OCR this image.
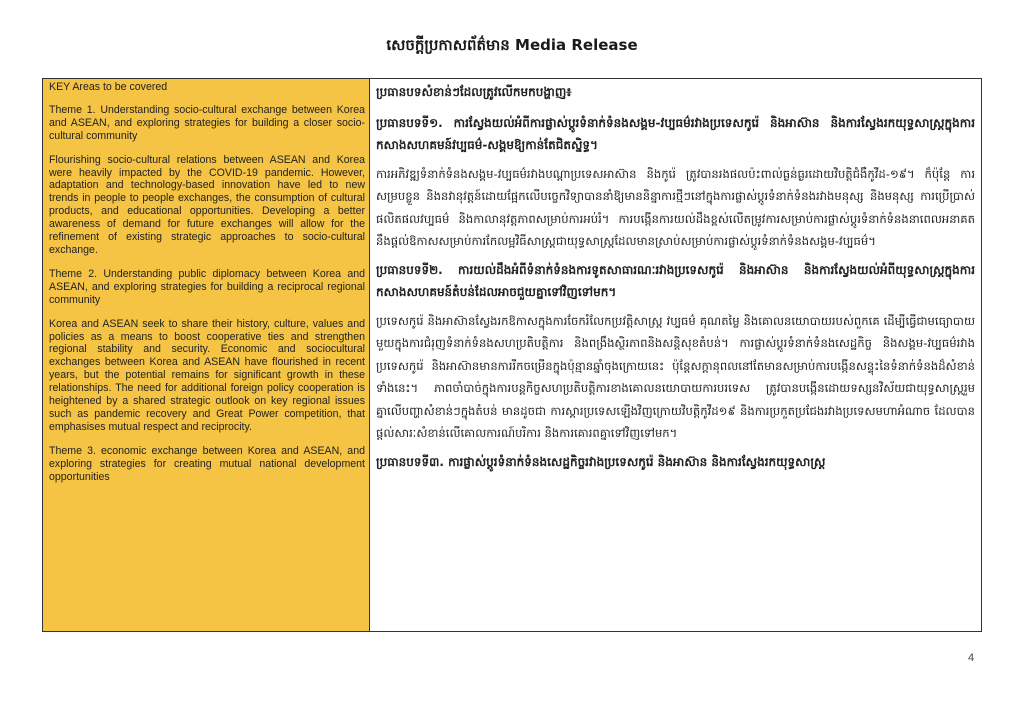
សេចក្តីប្រកាសព័ត៌មាន Media Release

KEY Areas to be covered

Theme 1. Understanding socio-cultural exchange between Korea and ASEAN, and exploring strategies for building a closer socio-cultural community

Flourishing socio-cultural relations between ASEAN and Korea were heavily impacted by the COVID-19 pandemic. However, adaptation and technology-based innovation have led to new trends in people to people exchanges, the consumption of cultural products, and educational opportunities. Developing a better awareness of demand for future exchanges will allow for the refinement of existing strategic approaches to socio-cultural exchange.

Theme 2. Understanding public diplomacy between Korea and ASEAN, and exploring strategies for building a reciprocal regional community

Korea and ASEAN seek to share their history, culture, values and policies as a means to boost cooperative ties and strengthen regional stability and security. Economic and sociocultural exchanges between Korea and ASEAN have flourished in recent years, but the potential remains for significant growth in these relationships. The need for additional foreign policy cooperation is heightened by a shared strategic outlook on key regional issues such as pandemic recovery and Great Power competition, that emphasises mutual respect and reciprocity.

Theme 3. economic exchange between Korea and ASEAN, and exploring strategies for creating mutual national development opportunities

ប្រធានបទសំខាន់ៗដែលត្រូវលើកមកបង្ហាញ៖

ប្រធានបទទី១. ការស្វែងយល់អំពីការផ្លាស់ប្តូរទំនាក់ទំនងសង្គម-វប្បធម៌រវាងប្រទេសកូរ៉េ និងអាស៊ាន និងការស្វែងរកយុទ្ធសាស្ត្រក្នុងការកសាងសហគមន៍វប្បធម៌-សង្គមឱ្យកាន់តែជិតស្និទ្ធ។

ការអភិវឌ្ឍទំនាក់ទំនងសង្គម-វប្បធម៌រវាងបណ្តាប្រទេសអាស៊ាន និងកូរ៉េ ត្រូវបានរងផលប៉ះពាល់ធ្ងន់ធ្ងរដោយវិបត្តិជំងឺកូវីដ-១៩។ ក៏ប៉ុន្តែ ការសម្របខ្លួន និងនវានុវត្តន៍ដោយផ្អែកលើបច្ចេកវិទ្យាបាននាំឱ្យមាននិន្នាការថ្មីៗនៅក្នុងការផ្លាស់ប្តូរទំនាក់ទំនងរវាងមនុស្ស និងមនុស្ស ការប្រើប្រាស់ផលិតផលវប្បធម៌ និងកាលានុវត្តភាពសម្រាប់ការអប់រំ។ ការបង្កើនការយល់ដឹងខ្ពស់លើតម្រូវការសម្រាប់ការផ្លាស់ប្តូរទំនាក់ទំនងនាពេលអនាគត នឹងផ្តល់ឱកាសសម្រាប់ការកែលម្អវិធីសាស្ត្រជាយុទ្ធសាស្ត្រដែលមានស្រាប់សម្រាប់ការផ្លាស់ប្តូរទំនាក់ទំនងសង្គម-វប្បធម៌។

ប្រធានបទទី២. ការយល់ដឹងអំពីទំនាក់ទំនងការទូតសាធារណៈរវាងប្រទេសកូរ៉េ និងអាស៊ាន និងការស្វែងយល់អំពីយុទ្ធសាស្ត្រក្នុងការកសាងសហគមន៍តំបន់ដែលអាចជួយគ្នាទៅវិញទៅមក។

ប្រទេសកូរ៉េ និងអាស៊ានស្វែងរកឱកាសក្នុងការចែករំលែកប្រវត្តិសាស្ត្រ វប្បធម៌ គុណតម្លៃ និងគោលនយោបាយរបស់ពួកគេ ដើម្បីធ្វើជាមធ្យោបាយមួយក្នុងការជំរុញទំនាក់ទំនងសហប្រតិបត្តិការ និងពង្រឹងស្ថិរភាពនិងសន្តិសុខតំបន់។ ការផ្លាស់ប្តូរទំនាក់ទំនងសេដ្ឋកិច្ច និងសង្គម-វប្បធម៌រវាងប្រទេសកូរ៉េ និងអាស៊ានមានការរីកចម្រើនក្នុងប៉ុន្មានឆ្នាំចុងក្រោយនេះ ប៉ុន្តែសក្តានុពលនៅតែមានសម្រាប់ការបង្កើនសន្ទុះនៃទំនាក់ទំនងដ៏សំខាន់ទាំងនេះ។ ភាពចាំបាច់ក្នុងការបន្តកិច្ចសហប្រតិបត្តិការខាងគោលនយោបាយការបរទេស ត្រូវបានបង្កើនដោយទស្សនវិស័យជាយុទ្ធសាស្ត្ររួមគ្នាលើបញ្ហាសំខាន់ៗក្នុងតំបន់ មានដូចជា ការស្តារប្រទេសឡើងវិញក្រោយវិបត្តិកូវីដ១៩ និងការប្រកួតប្រជែងរវាងប្រទេសមហាអំណាច ដែលបានផ្តល់សារៈសំខាន់លើគោលការណ៍បរិការ និងការគោរពគ្នាទៅវិញទៅមក។

ប្រធានបទទី៣. ការផ្លាស់ប្តូរទំនាក់ទំនងសេដ្ឋកិច្ចរវាងប្រទេសកូរ៉េ និងអាស៊ាន និងការស្វែងរកយុទ្ធសាស្ត្រ

4
